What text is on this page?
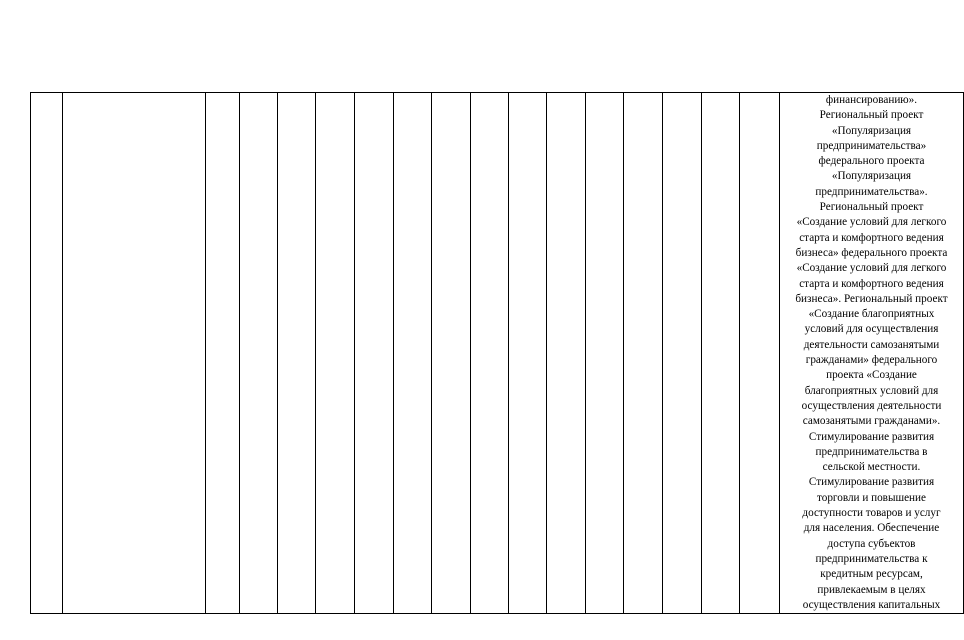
финансированию».
Региональный проект
«Популяризация
предпринимательства»
федерального проекта
«Популяризация
предпринимательства».
Региональный проект
«Создание условий для легкого
старта и комфортного ведения
бизнеса» федерального проекта
«Создание условий для легкого
старта и комфортного ведения
бизнеса». Региональный проект
«Создание благоприятных
условий для осуществления
деятельности самозанятыми
гражданами» федерального
проекта «Создание
благоприятных условий для
осуществления деятельности
самозанятыми гражданами».
Стимулирование развития
предпринимательства в
сельской местности.
Стимулирование развития
торговли и повышение
доступности товаров и услуг
для населения. Обеспечение
доступа субъектов
предпринимательства к
кредитным ресурсам,
привлекаемым в целях
осуществления капитальных
